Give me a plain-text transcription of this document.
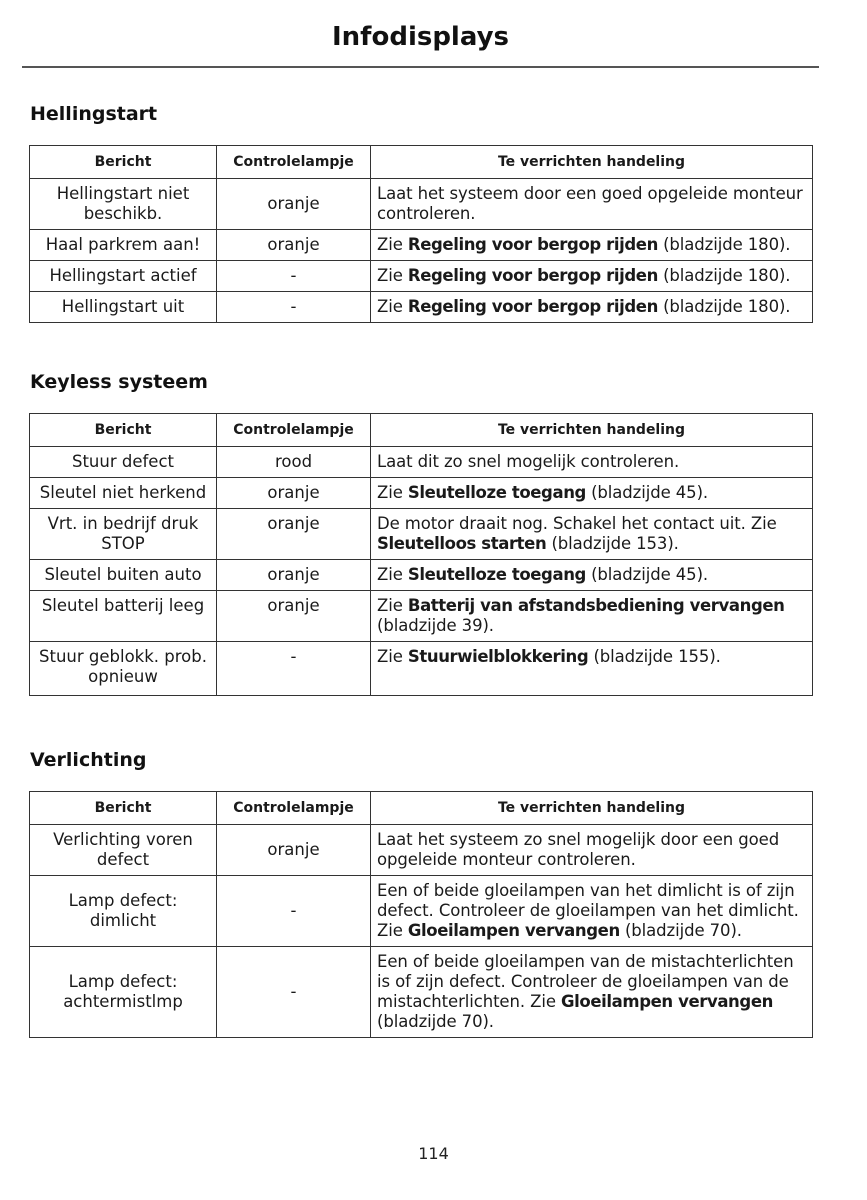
Infodisplays
Hellingstart
Bericht	Controlelampje	Te verrichten handeling
Hellingstart niet beschikb.	oranje	Laat het systeem door een goed opgeleide monteur controleren.
Haal parkrem aan!	oranje	Zie Regeling voor bergop rijden (bladzijde 180).
Hellingstart actief	-	Zie Regeling voor bergop rijden (bladzijde 180).
Hellingstart uit	-	Zie Regeling voor bergop rijden (bladzijde 180).
Keyless systeem
Bericht	Controlelampje	Te verrichten handeling
Stuur defect	rood	Laat dit zo snel mogelijk controleren.
Sleutel niet herkend	oranje	Zie Sleutelloze toegang (bladzijde 45).
Vrt. in bedrijf druk STOP	oranje	De motor draait nog. Schakel het contact uit. Zie Sleutelloos starten (bladzijde 153).
Sleutel buiten auto	oranje	Zie Sleutelloze toegang (bladzijde 45).
Sleutel batterij leeg	oranje	Zie Batterij van afstandsbediening vervangen (bladzijde 39).
Stuur geblokk. prob. opnieuw	-	Zie Stuurwielblokkering (bladzijde 155).
Verlichting
Bericht	Controlelampje	Te verrichten handeling
Verlichting voren defect	oranje	Laat het systeem zo snel mogelijk door een goed opgeleide monteur controleren.
Lamp defect: dimlicht	-	Een of beide gloeilampen van het dimlicht is of zijn defect. Controleer de gloeilampen van het dimlicht. Zie Gloeilampen vervangen (bladzijde 70).
Lamp defect: achtermistlmp	-	Een of beide gloeilampen van de mistachterlichten is of zijn defect. Controleer de gloeilampen van de mistachterlichten. Zie Gloeilampen vervangen (bladzijde 70).
114
